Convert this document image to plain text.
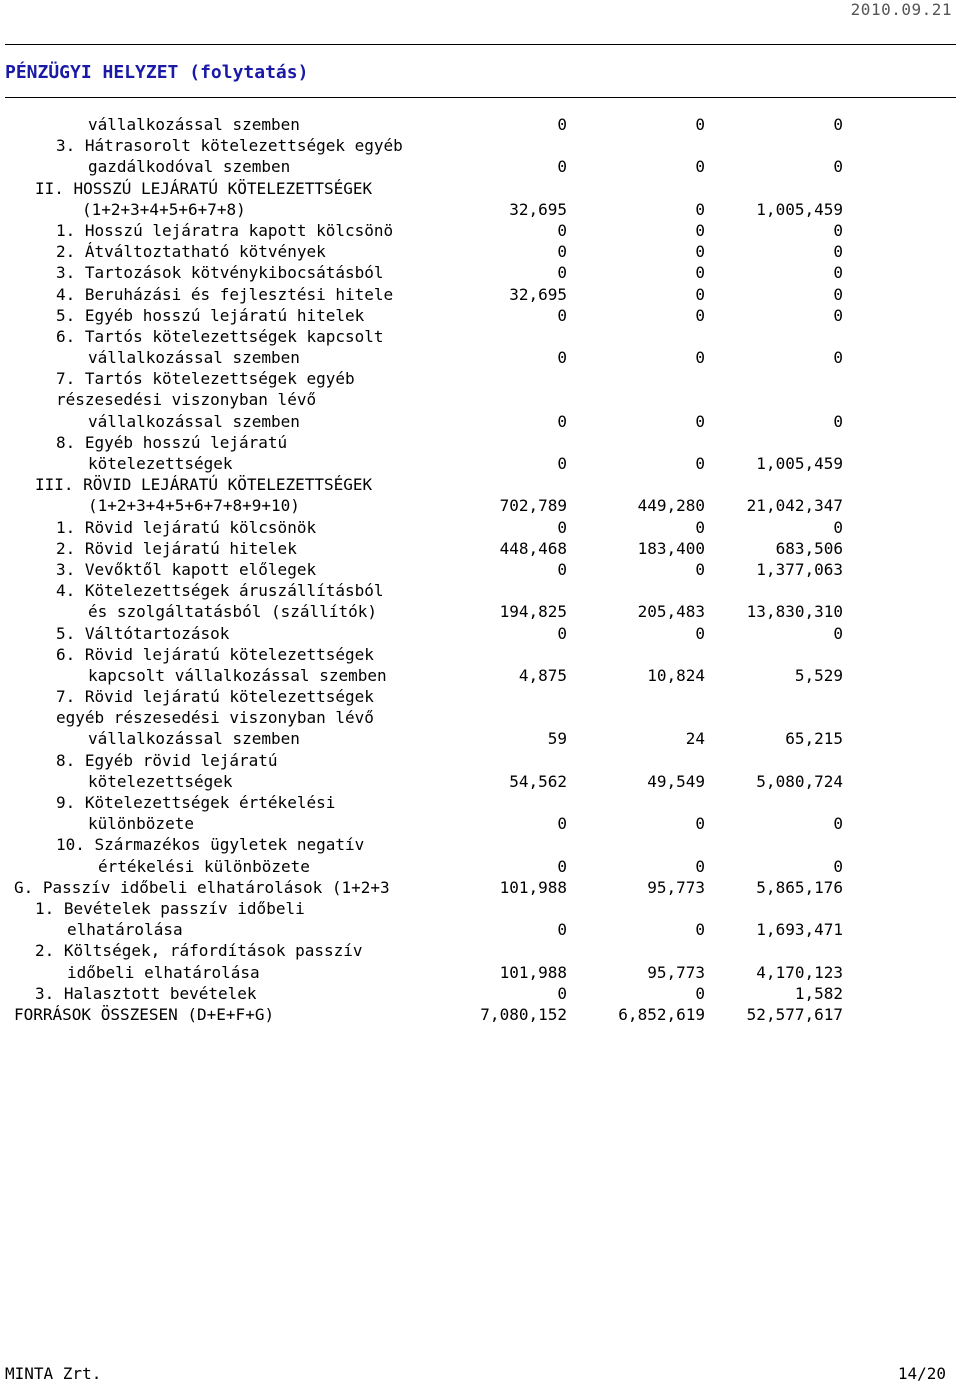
2010.09.21
PÉNZÜGYI HELYZET (folytatás)
vállalkozással szemben	0	0	0
3. Hátrasorolt kötelezettségek egyéb
gazdálkodóval szemben	0	0	0
II. HOSSZÚ LEJÁRATÚ KÖTELEZETTSÉGEK
(1+2+3+4+5+6+7+8)	32,695	0	1,005,459
1. Hosszú lejáratra kapott kölcsönö	0	0	0
2. Átváltoztatható kötvények	0	0	0
3. Tartozások kötvénykibocsátásból	0	0	0
4. Beruházási és fejlesztési hitele	32,695	0	0
5. Egyéb hosszú lejáratú hitelek	0	0	0
6. Tartós kötelezettségek kapcsolt
vállalkozással szemben	0	0	0
7. Tartós kötelezettségek egyéb
részesedési viszonyban lévő
vállalkozással szemben	0	0	0
8. Egyéb hosszú lejáratú
kötelezettségek	0	0	1,005,459
III. RÖVID LEJÁRATÚ KÖTELEZETTSÉGEK
(1+2+3+4+5+6+7+8+9+10)	702,789	449,280	21,042,347
1. Rövid lejáratú kölcsönök	0	0	0
2. Rövid lejáratú hitelek	448,468	183,400	683,506
3. Vevőktől kapott előlegek	0	0	1,377,063
4. Kötelezettségek áruszállításból
és szolgáltatásból (szállítók)	194,825	205,483	13,830,310
5. Váltótartozások	0	0	0
6. Rövid lejáratú kötelezettségek
kapcsolt vállalkozással szemben	4,875	10,824	5,529
7. Rövid lejáratú kötelezettségek
egyéb részesedési viszonyban lévő
vállalkozással szemben	59	24	65,215
8. Egyéb rövid lejáratú
kötelezettségek	54,562	49,549	5,080,724
9. Kötelezettségek értékelési
különbözete	0	0	0
10. Származékos ügyletek negatív
értékelési különbözete	0	0	0
G. Passzív időbeli elhatárolások (1+2+3	101,988	95,773	5,865,176
1. Bevételek passzív időbeli
elhatárolása	0	0	1,693,471
2. Költségek, ráfordítások passzív
időbeli elhatárolása	101,988	95,773	4,170,123
3. Halasztott bevételek	0	0	1,582
FORRÁSOK ÖSSZESEN (D+E+F+G)	7,080,152	6,852,619	52,577,617
MINTA Zrt.	14/20
